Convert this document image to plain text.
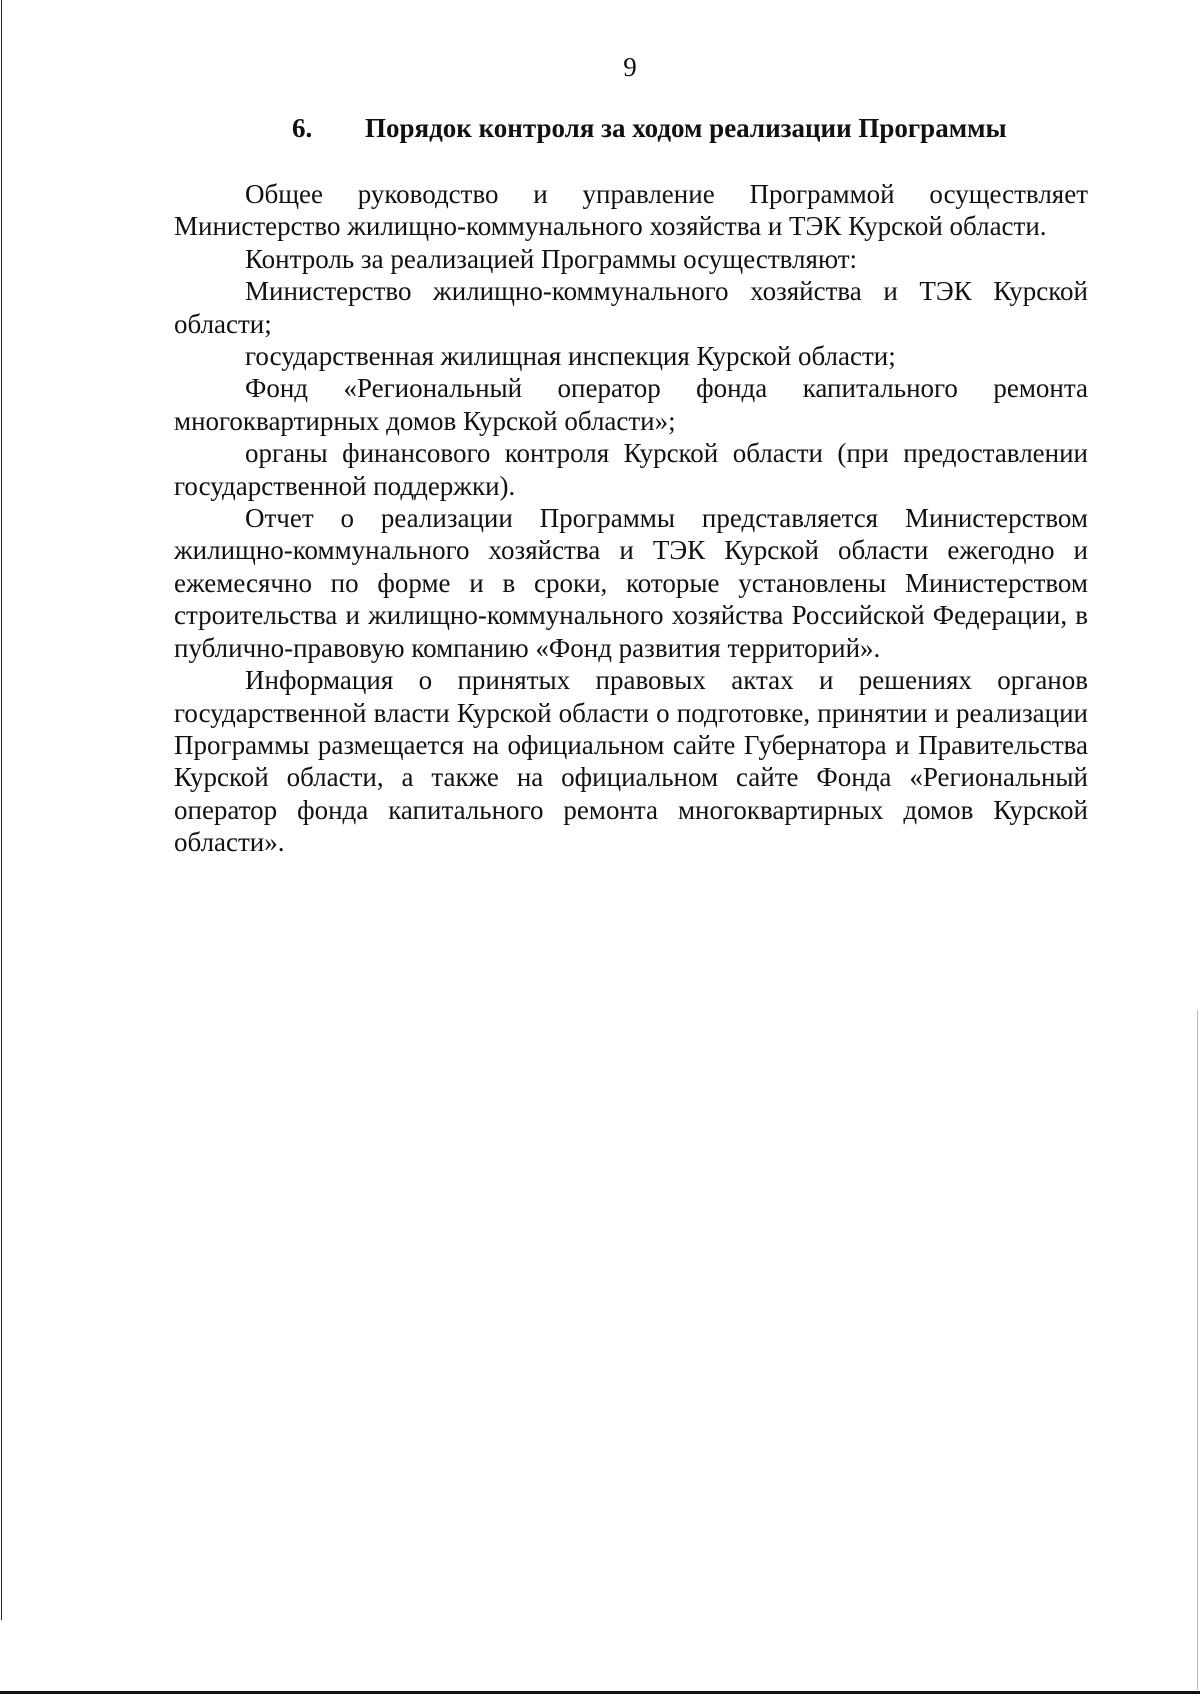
9
6. Порядок контроля за ходом реализации Программы

Общее руководство и управление Программой осуществляет Министерство жилищно-коммунального хозяйства и ТЭК Курской области.

Контроль за реализацией Программы осуществляют:

Министерство жилищно-коммунального хозяйства и ТЭК Курской области;

государственная жилищная инспекция Курской области;

Фонд «Региональный оператор фонда капитального ремонта многоквартирных домов Курской области»;

органы финансового контроля Курской области (при предоставлении государственной поддержки).

Отчет о реализации Программы представляется Министерством жилищно-коммунального хозяйства и ТЭК Курской области ежегодно и ежемесячно по форме и в сроки, которые установлены Министерством строительства и жилищно-коммунального хозяйства Российской Федерации, в публично-правовую компанию «Фонд развития территорий».

Информация о принятых правовых актах и решениях органов государственной власти Курской области о подготовке, принятии и реализации Программы размещается на официальном сайте Губернатора и Правительства Курской области, а также на официальном сайте Фонда «Региональный оператор фонда капитального ремонта многоквартирных домов Курской области».
